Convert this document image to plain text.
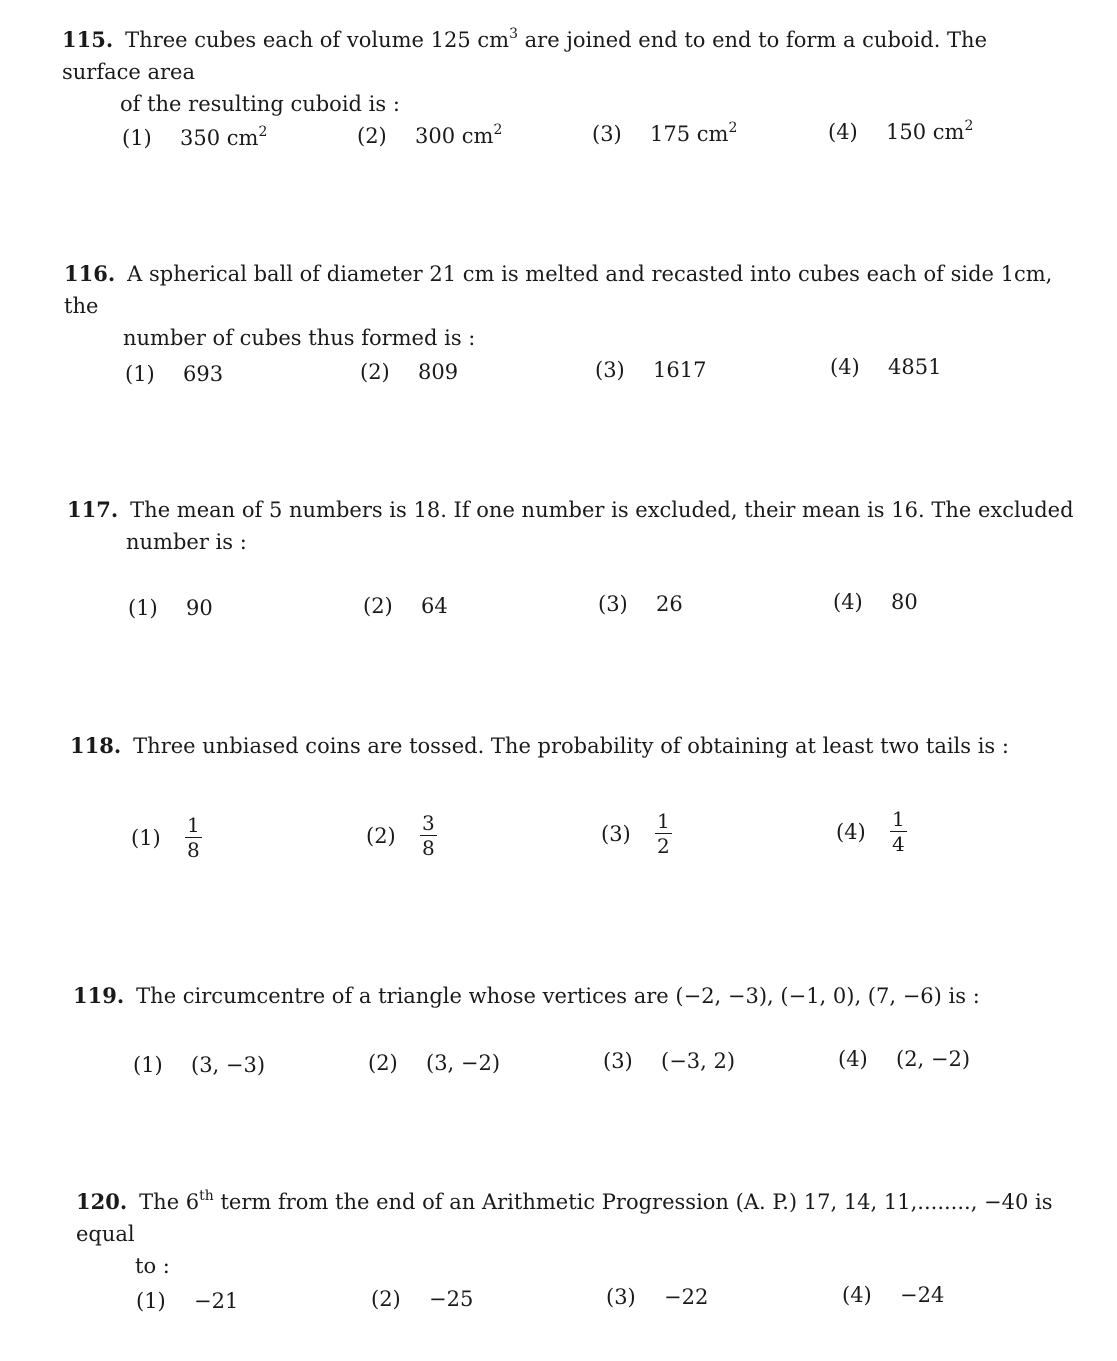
115. Three cubes each of volume 125 $cm^3$ are joined end to end to form a cuboid. The surface area
of the resulting cuboid is :
(1) 350 $cm^2$	(2) 300 $cm^2$	(3) 175 $cm^2$	(4) 150 $cm^2$
116. A spherical ball of diameter 21 cm is melted and recasted into cubes each of side 1cm, the
number of cubes thus formed is :
(1) 693	(2) 809	(3) 1617	(4) 4851
117. The mean of 5 numbers is 18. If one number is excluded, their mean is 16. The excluded
number is :
(1) 90	(2) 64	(3) 26	(4) 80
118. Three unbiased coins are tossed. The probability of obtaining at least two tails is :
(1)	$\frac{1}{8}$	(2)	$\frac{3}{8}$	(3)	$\frac{1}{2}$	(4)	$\frac{1}{4}$
119. The circumcentre of a triangle whose vertices are (−2, −3), (−1, 0), (7, −6) is :
(1) (3, −3)	(2) (3, −2)	(3) (−3, 2)	(4) (2, −2)
120. The 6th term from the end of an Arithmetic Progression (A. P.) 17, 14, 11,........, −40 is equal
to :
(1) −21	(2) −25	(3) −22	(4) −24
